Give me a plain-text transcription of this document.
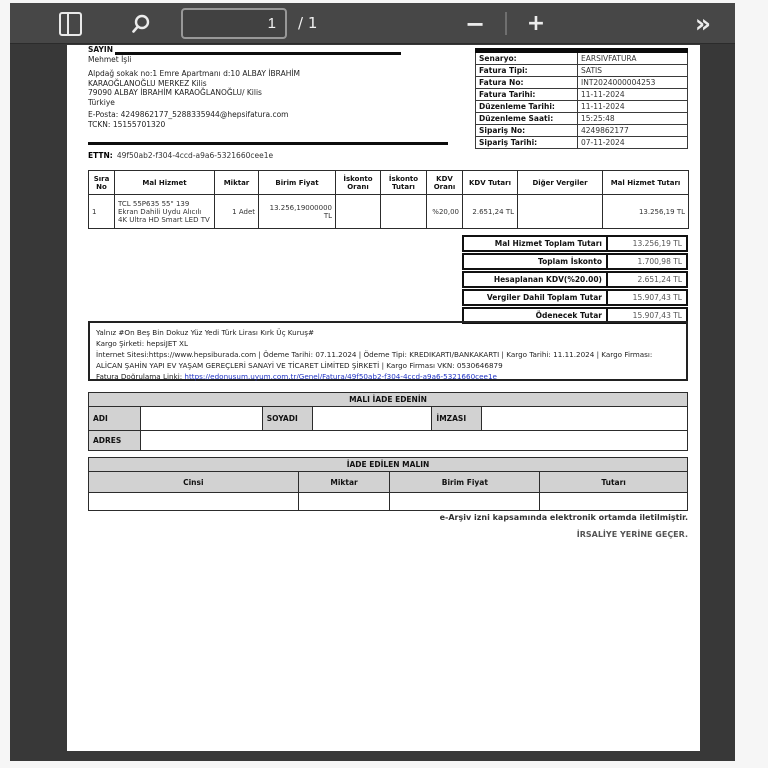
1
/ 1	−	+	»
SAYIN
Mehmet İşli
Alpdağ sokak no:1 Emre Apartmanı d:10 ALBAY İBRAHİM KARAOĞLANOĞLU MERKEZ Kilis
79090 ALBAY İBRAHİM KARAOĞLANOĞLU/ Kilis
Türkiye
E-Posta: 4249862177_5288335944@hepsifatura.com
TCKN: 15155701320
Senaryo:	EARSIVFATURA
Fatura Tipi:	SATIS
Fatura No:	INT2024000004253
Fatura Tarihi:	11-11-2024
Düzenleme Tarihi:	11-11-2024
Düzenleme Saati:	15:25:48
Sipariş No:	4249862177
Sipariş Tarihi:	07-11-2024
ETTN: 49f50ab2-f304-4ccd-a9a6-5321660cee1e
Sıra No	Mal Hizmet	Miktar	Birim Fiyat	İskonto Oranı	İskonto Tutarı	KDV Oranı	KDV Tutarı	Diğer Vergiler	Mal Hizmet Tutarı
1	TCL 55P635 55" 139 Ekran Dahili Uydu Alıcılı 4K Ultra HD Smart LED TV	1 Adet	13.256,19000000 TL			%20,00	2.651,24 TL		13.256,19 TL
Mal Hizmet Toplam Tutarı	13.256,19 TL
Toplam İskonto	1.700,98 TL
Hesaplanan KDV(%20.00)	2.651,24 TL
Vergiler Dahil Toplam Tutar	15.907,43 TL
Ödenecek Tutar	15.907,43 TL
Yalnız #On Beş Bin Dokuz Yüz Yedi Türk Lirası Kırk Üç Kuruş#
Kargo Şirketi: hepsiJET XL
İnternet Sitesi:https://www.hepsiburada.com | Ödeme Tarihi: 07.11.2024 | Ödeme Tipi: KREDIKARTI/BANKAKARTI | Kargo Tarihi: 11.11.2024 | Kargo Firması: ALİCAN ŞAHİN YAPI EV YAŞAM GEREÇLERİ SANAYİ VE TİCARET LİMİTED ŞİRKETİ | Kargo Firması VKN: 0530646879
Fatura Doğrulama Linki: https://edonusum.uyum.com.tr/Genel/Fatura/49f50ab2-f304-4ccd-a9a6-5321660cee1e
MALI İADE EDENİN					
ADI		SOYADI		İMZASI	
ADRES					
İADE EDİLEN MALIN			
Cinsi	Miktar	Birim Fiyat	Tutarı

e-Arşiv izni kapsamında elektronik ortamda iletilmiştir.
İRSALİYE YERİNE GEÇER.
